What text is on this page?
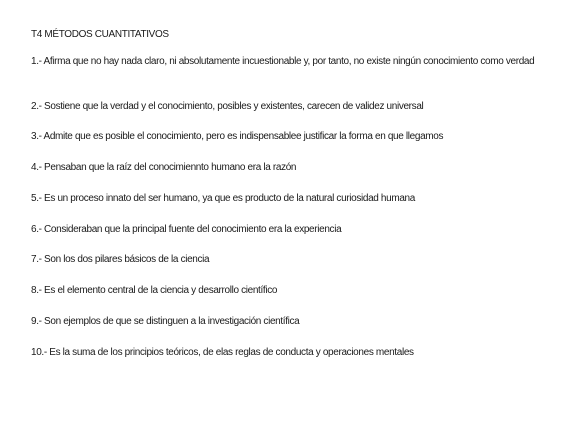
T4 MÉTODOS CUANTITATIVOS
1.- Afirma que no hay nada claro, ni absolutamente incuestionable y, por tanto, no existe ningún conocimiento como verdad
2.- Sostiene que la verdad y el conocimiento, posibles y existentes, carecen de validez universal
3.- Admite que es posible el conocimiento, pero es indispensablee justificar la forma en que llegamos
4.- Pensaban que la raíz del conocimiennto humano era la razón
5.- Es un proceso innato del ser humano, ya que es producto de la natural curiosidad humana
6.- Consideraban que la principal fuente del conocimiento era la experiencia
7.- Son los dos pilares básicos de la ciencia
8.- Es el elemento central de la ciencia y desarrollo científico
9.- Son ejemplos de que se distinguen a la investigación científica
10.- Es la suma de los principios teóricos, de elas reglas de conducta y operaciones mentales
